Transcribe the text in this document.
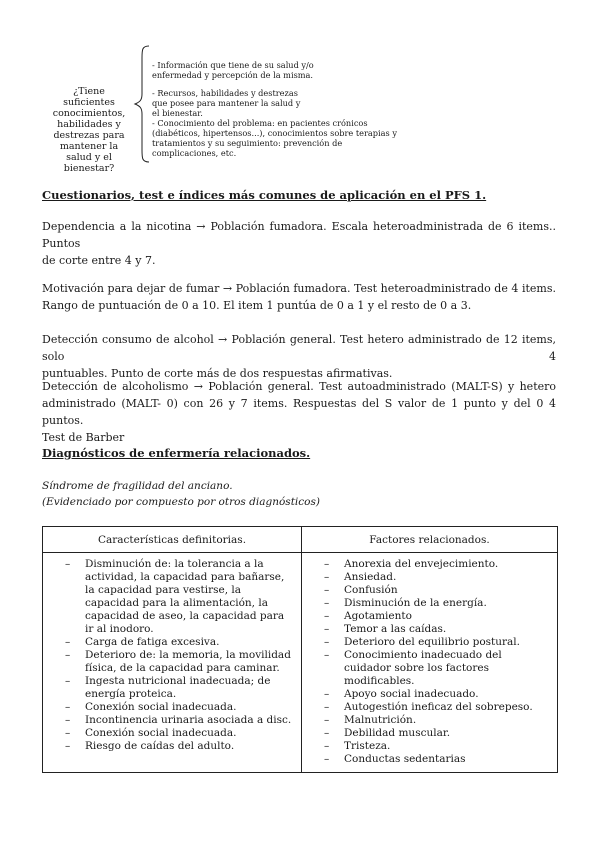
¿Tiene suficientes conocimientos, habilidades y destrezas para mantener la salud y el bienestar?
- Información que tiene de su salud y/o enfermedad y percepción de la misma.
- Recursos, habilidades y destrezas que posee para mantener la salud y el bienestar.
- Conocimiento del problema: en pacientes crónicos (diabéticos, hipertensos...), conocimientos sobre terapias y tratamientos y su seguimiento: prevención de complicaciones, etc.
Cuestionarios, test e índices más comunes de aplicación en el PFS 1.

Dependencia a la nicotina → Población fumadora. Escala heteroadministrada de 6 items.. Puntos
de corte entre 4 y 7.

Motivación para dejar de fumar → Población fumadora. Test heteroadministrado de 4 items.
Rango de puntuación de 0 a 10. El item 1 puntúa de 0 a 1 y el resto de 0 a 3.

Detección consumo de alcohol → Población general. Test hetero administrado de 12 items, solo 4
puntuables. Punto de corte más de dos respuestas afirmativas.

Detección de alcoholismo → Población general. Test autoadministrado (MALT-S) y hetero
administrado (MALT- 0) con 26 y 7 items. Respuestas del S valor de 1 punto y del 0 4 puntos.
Test de Barber

Diagnósticos de enfermería relacionados.
Síndrome de fragilidad del anciano.
(Evidenciado por compuesto por otros diagnósticos)
Características definitorias.	Factores relacionados.
– Disminución de: la tolerancia a la actividad, la capacidad para bañarse, la capacidad para vestirse, la capacidad para la alimentación, la capacidad de aseo, la capacidad para ir al inodoro.
– Carga de fatiga excesiva.
– Deterioro de: la memoria, la movilidad física, de la capacidad para caminar.
– Ingesta nutricional inadecuada; de energía proteica.
– Conexión social inadecuada.
– Incontinencia urinaria asociada a disc.
– Conexión social inadecuada.
– Riesgo de caídas del adulto.
– Anorexia del envejecimiento.
– Ansiedad.
– Confusión
– Disminución de la energía.
– Agotamiento
– Temor a las caídas.
– Deterioro del equilibrio postural.
– Conocimiento inadecuado del cuidador sobre los factores modificables.
– Apoyo social inadecuado.
– Autogestión ineficaz del sobrepeso.
– Malnutrición.
– Debilidad muscular.
– Tristeza.
– Conductas sedentarias
